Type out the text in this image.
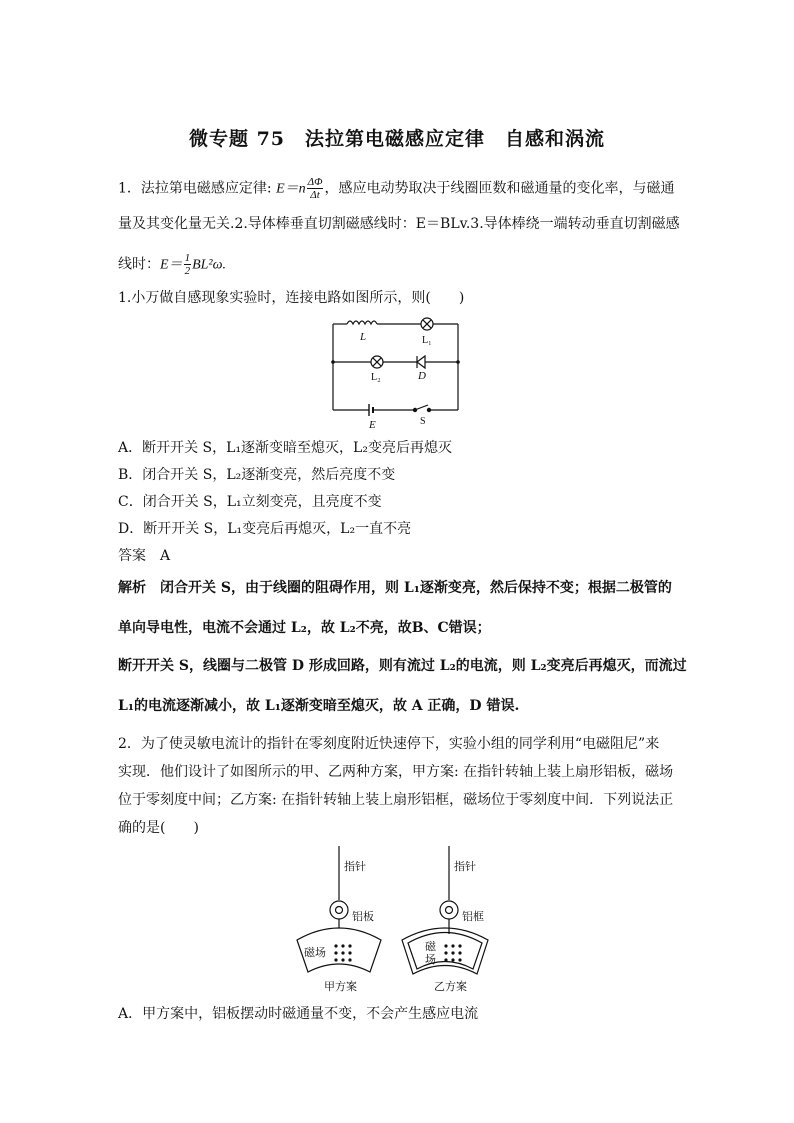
微专题 75　法拉第电磁感应定律　自感和涡流
1．法拉第电磁感应定律: $E=n \frac{\Delta\Phi}{\Delta t}$ ，感应电动势取决于线圈匝数和磁通量的变化率，与磁通
量及其变化量无关.2.导体棒垂直切割磁感线时：E＝BLv.3.导体棒绕一端转动垂直切割磁感
线时：$E= \frac{1}{2} BL^2\omega$.
1.小万做自感现象实验时，连接电路如图所示，则(　　)
L
D
E
L₁
L₂
S
A．断开开关 S，L₁逐渐变暗至熄灭，L₂变亮后再熄灭
B．闭合开关 S，L₂逐渐变亮，然后亮度不变
C．闭合开关 S，L₁立刻变亮，且亮度不变
D．断开开关 S，L₁变亮后再熄灭，L₂一直不亮
答案　A
解析　闭合开关 S，由于线圈的阻碍作用，则 L₁逐渐变亮，然后保持不变；根据二极管的
单向导电性，电流不会通过 L₂，故 L₂不亮，故B、C错误；
断开开关 S，线圈与二极管 D 形成回路，则有流过 L₂的电流，则 L₂变亮后再熄灭，而流过
L₁的电流逐渐减小，故 L₁逐渐变暗至熄灭，故 A 正确，D 错误.
2．为了使灵敏电流计的指针在零刻度附近快速停下，实验小组的同学利用“电磁阻尼”来
实现．他们设计了如图所示的甲、乙两种方案，甲方案: 在指针转轴上装上扇形铝板，磁场
位于零刻度中间；乙方案: 在指针转轴上装上扇形铝框，磁场位于零刻度中间．下列说法正
确的是(　　)
指针
铝板
磁场
甲方案
指针
铝框
磁
场
乙方案
A．甲方案中，铝板摆动时磁通量不变，不会产生感应电流
